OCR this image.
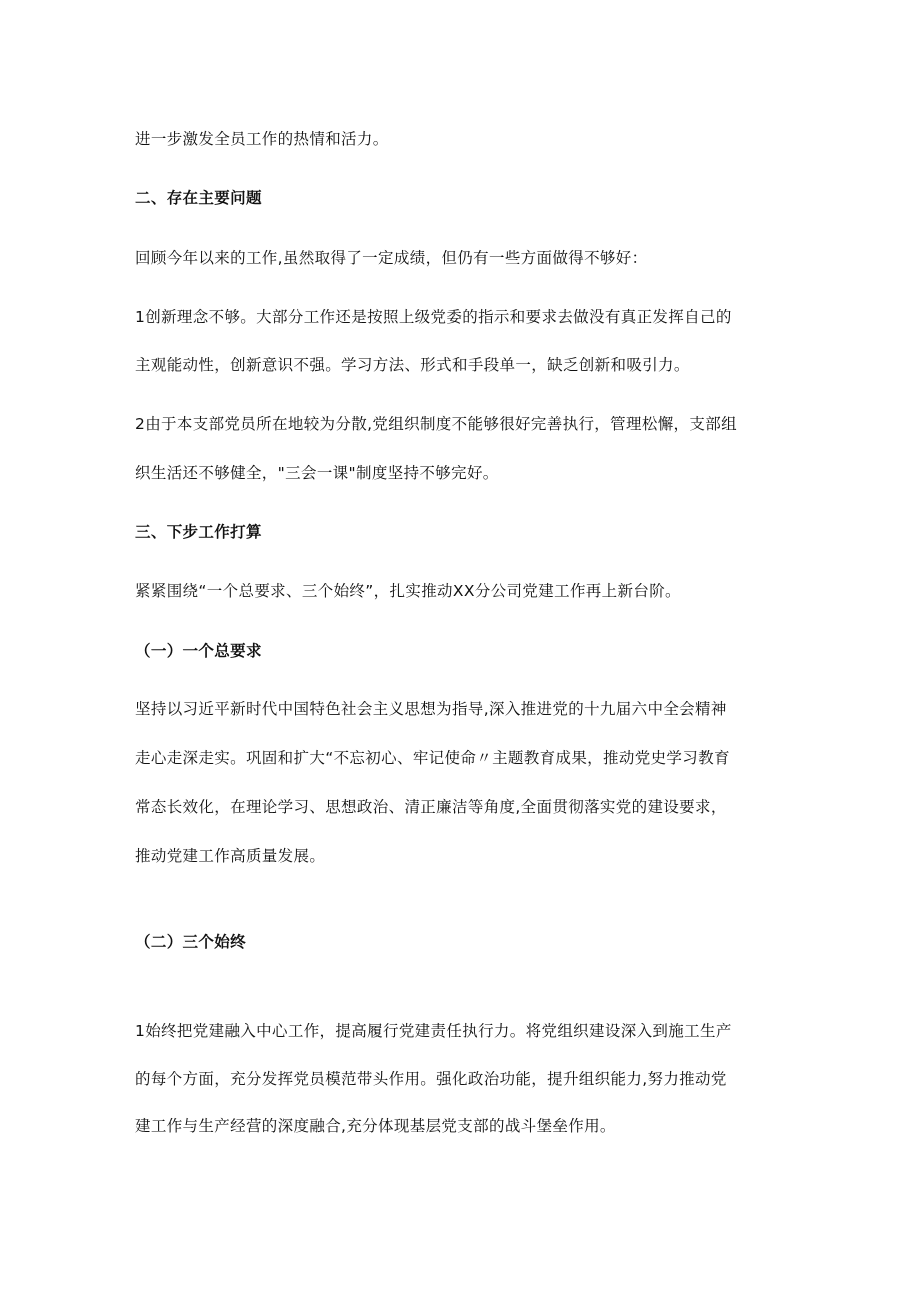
进一步激发全员工作的热情和活力。
二、存在主要问题
回顾今年以来的工作,虽然取得了一定成绩，但仍有一些方面做得不够好：
1创新理念不够。大部分工作还是按照上级党委的指示和要求去做没有真正发挥自己的
主观能动性，创新意识不强。学习方法、形式和手段单一，缺乏创新和吸引力。
2由于本支部党员所在地较为分散,党组织制度不能够很好完善执行，管理松懈，支部组
织生活还不够健全，"三会一课"制度坚持不够完好。
三、下步工作打算
紧紧围绕“一个总要求、三个始终”，扎实推动XX分公司党建工作再上新台阶。
（一）一个总要求
坚持以习近平新时代中国特色社会主义思想为指导,深入推进党的十九届六中全会精神
走心走深走实。巩固和扩大“不忘初心、牢记使命〃主题教育成果，推动党史学习教育
常态长效化，在理论学习、思想政治、清正廉洁等角度,全面贯彻落实党的建设要求，
推动党建工作高质量发展。
（二）三个始终
1始终把党建融入中心工作，提高履行党建责任执行力。将党组织建设深入到施工生产
的每个方面，充分发挥党员模范带头作用。强化政治功能，提升组织能力,努力推动党
建工作与生产经营的深度融合,充分体现基层党支部的战斗堡垒作用。
